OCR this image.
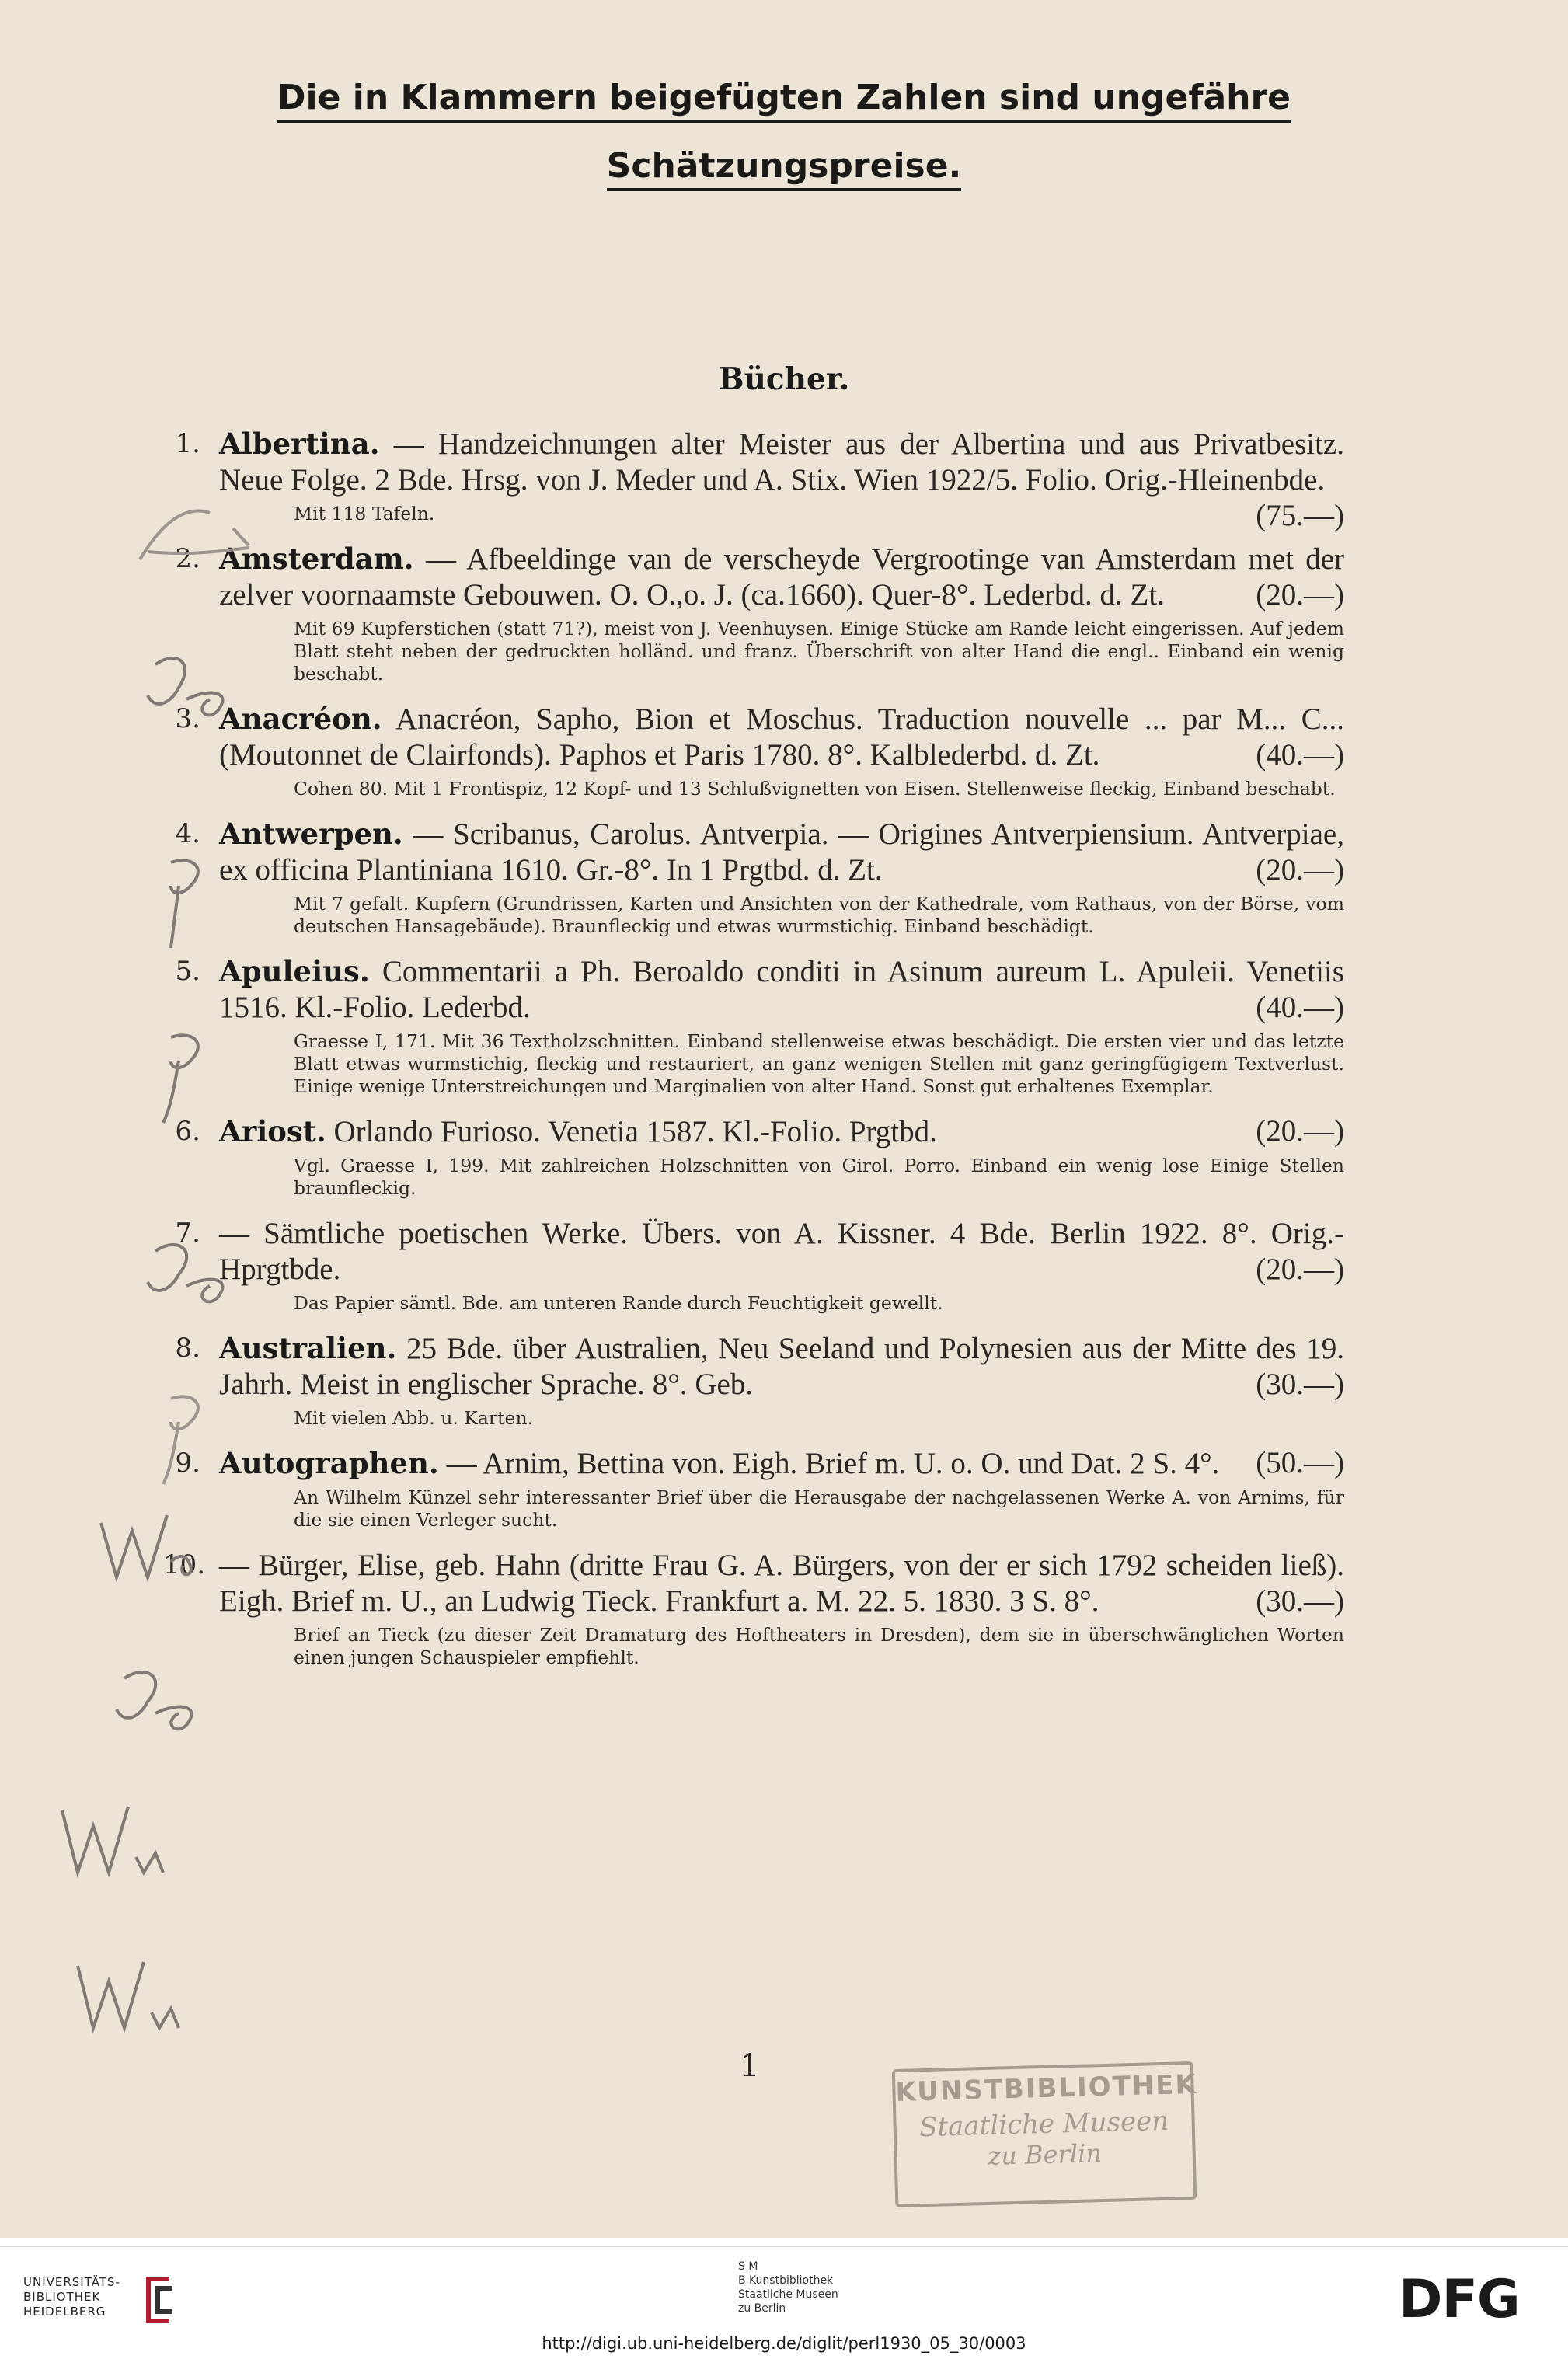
Die in Klammern beigefügten Zahlen sind ungefähre
Schätzungspreise.
Bücher.
1. Albertina. — Handzeichnungen alter Meister aus der Albertina und aus Privatbesitz. Neue Folge. 2 Bde. Hrsg. von J. Meder und A. Stix. Wien 1922/5. Folio. Orig.-Hleinenbde.
(75.—)
Mit 118 Tafeln.
2. Amsterdam. — Afbeeldinge van de verscheyde Vergrootinge van Amsterdam met der zelver voornaamste Gebouwen. O. O.,o. J. (ca.1660). Quer-8°. Lederbd. d. Zt.	(20.—)
Mit 69 Kupferstichen (statt 71?), meist von J. Veenhuysen. Einige Stücke am Rande leicht eingerissen. Auf jedem Blatt steht neben der gedruckten holländ. und franz. Überschrift von alter Hand die engl.. Einband ein wenig beschabt.
3. Anacréon. Anacréon, Sapho, Bion et Moschus. Traduction nouvelle ... par M... C... (Moutonnet de Clairfonds). Paphos et Paris 1780. 8°. Kalblederbd. d. Zt.	(40.—)
Cohen 80. Mit 1 Frontispiz, 12 Kopf- und 13 Schlußvignetten von Eisen. Stellenweise fleckig, Einband beschabt.
4. Antwerpen. — Scribanus, Carolus. Antverpia. — Origines Antverpiensium. Antverpiae, ex officina Plantiniana 1610. Gr.-8°. In 1 Prgtbd. d. Zt.	(20.—)
Mit 7 gefalt. Kupfern (Grundrissen, Karten und Ansichten von der Kathedrale, vom Rathaus, von der Börse, vom deutschen Hansagebäude). Braunfleckig und etwas wurmstichig. Einband beschädigt.
5. Apuleius. Commentarii a Ph. Beroaldo conditi in Asinum aureum L. Apuleii. Venetiis 1516. Kl.-Folio. Lederbd.	(40.—)
Graesse I, 171. Mit 36 Textholzschnitten. Einband stellenweise etwas beschädigt. Die ersten vier und das letzte Blatt etwas wurmstichig, fleckig und restauriert, an ganz wenigen Stellen mit ganz geringfügigem Textverlust. Einige wenige Unterstreichungen und Marginalien von alter Hand. Sonst gut erhaltenes Exemplar.
6. Ariost. Orlando Furioso. Venetia 1587. Kl.-Folio. Prgtbd.	(20.—)
Vgl. Graesse I, 199. Mit zahlreichen Holzschnitten von Girol. Porro. Einband ein wenig lose Einige Stellen braunfleckig.
7. — Sämtliche poetischen Werke. Übers. von A. Kissner. 4 Bde. Berlin 1922. 8°. Orig.-Hprgtbde.	(20.—)
Das Papier sämtl. Bde. am unteren Rande durch Feuchtigkeit gewellt.
8. Australien. 25 Bde. über Australien, Neu Seeland und Polynesien aus der Mitte des 19. Jahrh. Meist in englischer Sprache. 8°. Geb.	(30.—)
Mit vielen Abb. u. Karten.
9. Autographen. — Arnim, Bettina von. Eigh. Brief m. U. o. O. und Dat. 2 S. 4°. (50.—)
An Wilhelm Künzel sehr interessanter Brief über die Herausgabe der nachgelassenen Werke A. von Arnims, für die sie einen Verleger sucht.
10. — Bürger, Elise, geb. Hahn (dritte Frau G. A. Bürgers, von der er sich 1792 scheiden ließ). Eigh. Brief m. U., an Ludwig Tieck. Frankfurt a. M. 22. 5. 1830. 3 S. 8°.	(30.—)
Brief an Tieck (zu dieser Zeit Dramaturg des Hoftheaters in Dresden), dem sie in überschwänglichen Worten einen jungen Schauspieler empfiehlt.
1
KUNSTBIBLIOTHEK
Staatliche Museen
zu Berlin
UNIVERSITÄTS-
BIBLIOTHEK
HEIDELBERG
S M
B Kunstbibliothek
Staatliche Museen
zu Berlin	DFG
http://digi.ub.uni-heidelberg.de/diglit/perl1930_05_30/0003
